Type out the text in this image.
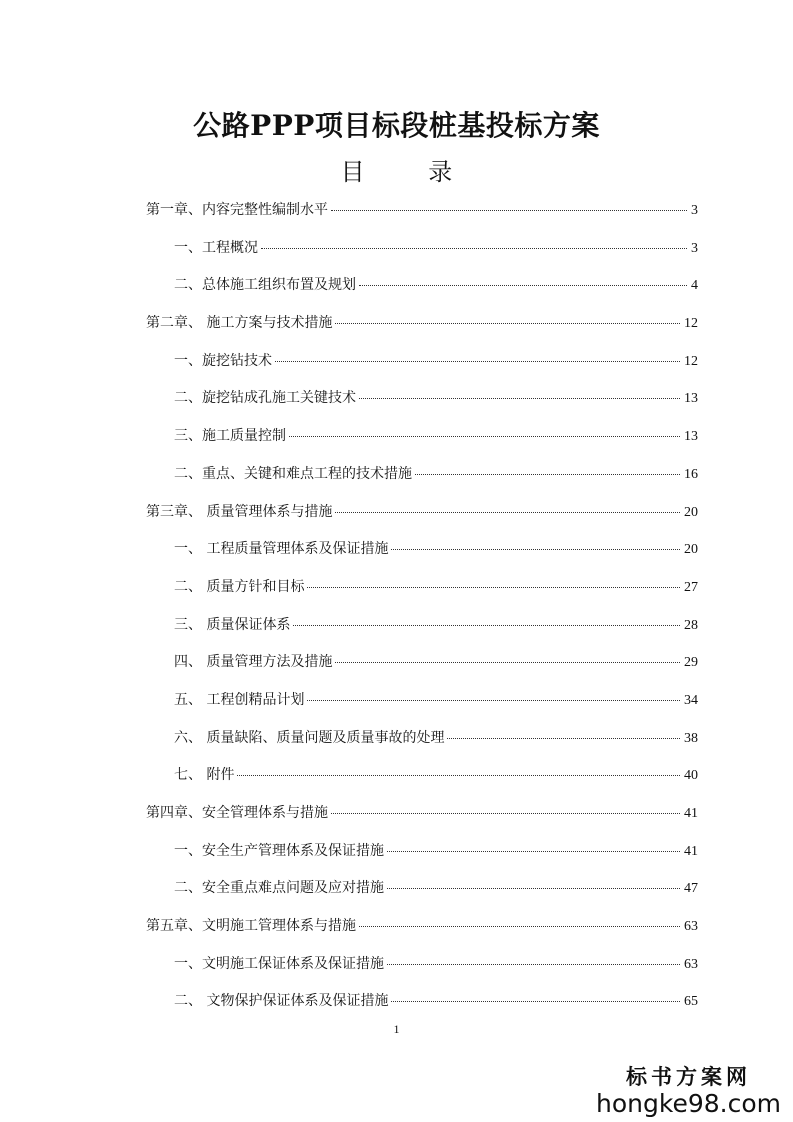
公路PPP项目标段桩基投标方案
目 录
第一章、内容完整性编制水平	3
一、工程概况	3
二、总体施工组织布置及规划	4
第二章、 施工方案与技术措施	12
一、旋挖钻技术	12
二、旋挖钻成孔施工关键技术	13
三、施工质量控制	13
二、重点、关键和难点工程的技术措施	16
第三章、 质量管理体系与措施	20
一、 工程质量管理体系及保证措施	20
二、 质量方针和目标	27
三、 质量保证体系	28
四、 质量管理方法及措施	29
五、 工程创精品计划	34
六、 质量缺陷、质量问题及质量事故的处理	38
七、 附件	40
第四章、安全管理体系与措施	41
一、安全生产管理体系及保证措施	41
二、安全重点难点问题及应对措施	47
第五章、文明施工管理体系与措施	63
一、文明施工保证体系及保证措施	63
二、 文物保护保证体系及保证措施	65
1
标书方案网
hongke98.com
